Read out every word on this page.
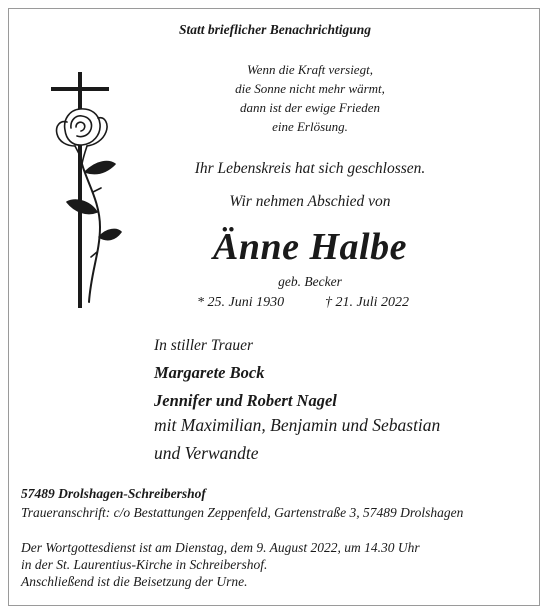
Statt brieflicher Benachrichtigung
Wenn die Kraft versiegt,
die Sonne nicht mehr wärmt,
dann ist der ewige Frieden
eine Erlösung.
Ihr Lebenskreis hat sich geschlossen.
Wir nehmen Abschied von
Änne Halbe
geb. Becker
* 25. Juni 1930	† 21. Juli 2022
In stiller Trauer
Margarete Bock
Jennifer und Robert Nagel
mit Maximilian, Benjamin und Sebastian
und Verwandte
57489 Drolshagen-Schreibershof
Traueranschrift: c/o Bestattungen Zeppenfeld, Gartenstraße 3, 57489 Drolshagen
Der Wortgottesdienst ist am Dienstag, dem 9. August 2022, um 14.30 Uhr
in der St. Laurentius-Kirche in Schreibershof.
Anschließend ist die Beisetzung der Urne.
